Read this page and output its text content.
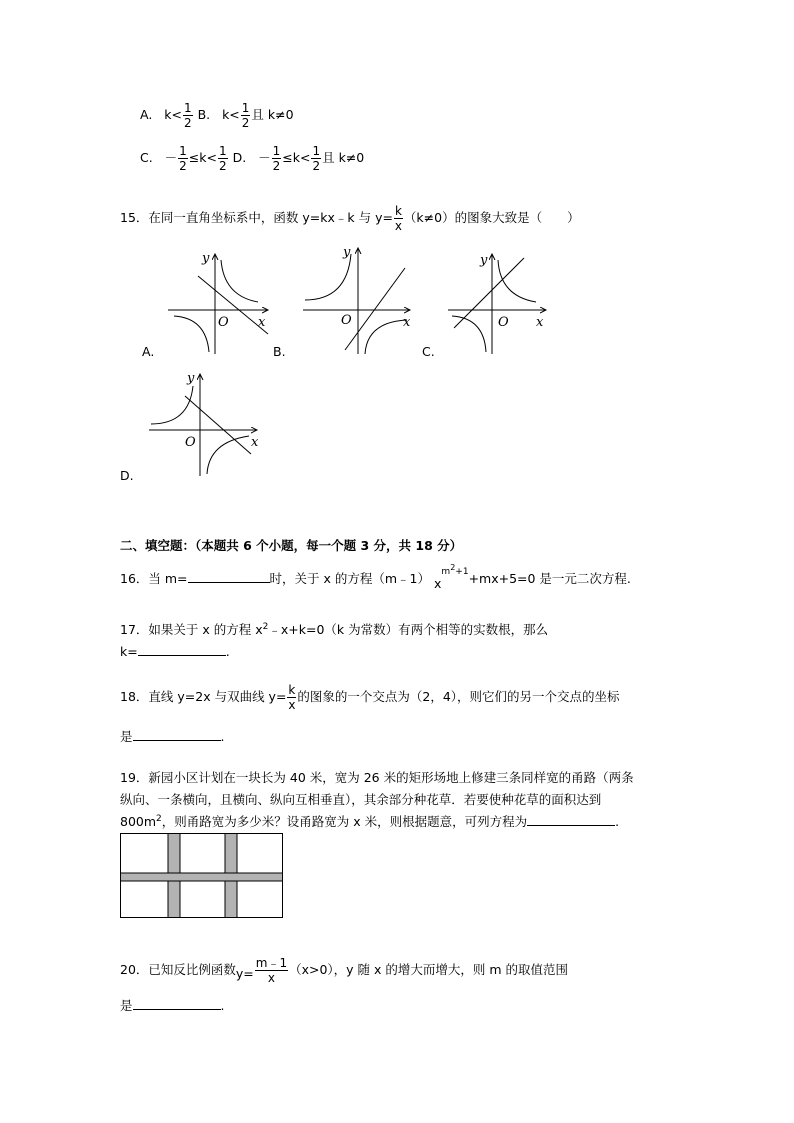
A. $k< \frac{1}{2} B$. $k< \frac{1}{2}$ 且 k≠0
C. － $\frac{1}{2} \le k< \frac{1}{2} D$. － $\frac{1}{2} \le k< \frac{1}{2}$ 且 k≠0
15．在同一直角坐标系中，函数 y=kx﹣k 与 $y= \frac{k}{x} (k\ne 0)$的图象大致是（　　）
y
x
O
A.
y
x
O
B.
y
x
O
C.
y
x
O
D.
二、填空题：（本题共 6 个小题，每一个题 3 分，共 18 分）
16．当 m=	时，关于 x 的方程（m﹣1） $x^{m^2+1}+mx+5=0$ 是一元二次方程.
17．如果关于 x 的方程 $x^2﹣x+k=0(k$ 为常数）有两个相等的实数根，那么
k=	.
18．直线 y=2x 与双曲线 $y= \frac{k}{x}$ 的图象的一个交点为（2，4），则它们的另一个交点的坐标
是	.
19．新园小区计划在一块长为 40 米，宽为 26 米的矩形场地上修建三条同样宽的甬路（两条
纵向、一条横向，且横向、纵向互相垂直），其余部分种花草．若要使种花草的面积达到
$800m^2$，则甬路宽为多少米？设甬路宽为 x 米，则根据题意，可列方程为	.
20．已知反比例函数$y= \frac{m﹣1}{x} (x>0)$，y 随 x 的增大而增大，则 m 的取值范围
是	.
